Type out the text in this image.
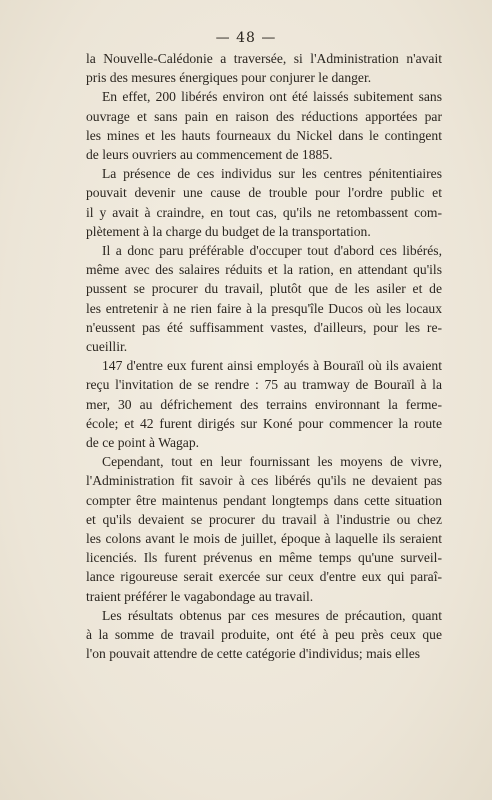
— 48 —

la Nouvelle-Calédonie a traversée, si l'Administration n'avait
pris des mesures énergiques pour conjurer le danger.

En effet, 200 libérés environ ont été laissés subitement sans
ouvrage et sans pain en raison des réductions apportées par
les mines et les hauts fourneaux du Nickel dans le contingent
de leurs ouvriers au commencement de 1885.

La présence de ces individus sur les centres pénitentiaires
pouvait devenir une cause de trouble pour l'ordre public et
il y avait à craindre, en tout cas, qu'ils ne retombassent com-
plètement à la charge du budget de la transportation.

Il a donc paru préférable d'occuper tout d'abord ces libérés,
même avec des salaires réduits et la ration, en attendant qu'ils
pussent se procurer du travail, plutôt que de les asiler et de
les entretenir à ne rien faire à la presqu'île Ducos où les locaux
n'eussent pas été suffisamment vastes, d'ailleurs, pour les re-
cueillir.

147 d'entre eux furent ainsi employés à Bouraïl où ils avaient
reçu l'invitation de se rendre : 75 au tramway de Bouraïl à la
mer, 30 au défrichement des terrains environnant la ferme-
école; et 42 furent dirigés sur Koné pour commencer la route
de ce point à Wagap.

Cependant, tout en leur fournissant les moyens de vivre,
l'Administration fit savoir à ces libérés qu'ils ne devaient pas
compter être maintenus pendant longtemps dans cette situation
et qu'ils devaient se procurer du travail à l'industrie ou chez
les colons avant le mois de juillet, époque à laquelle ils seraient
licenciés. Ils furent prévenus en même temps qu'une surveil-
lance rigoureuse serait exercée sur ceux d'entre eux qui paraî-
traient préférer le vagabondage au travail.

Les résultats obtenus par ces mesures de précaution, quant
à la somme de travail produite, ont été à peu près ceux que
l'on pouvait attendre de cette catégorie d'individus; mais elles
